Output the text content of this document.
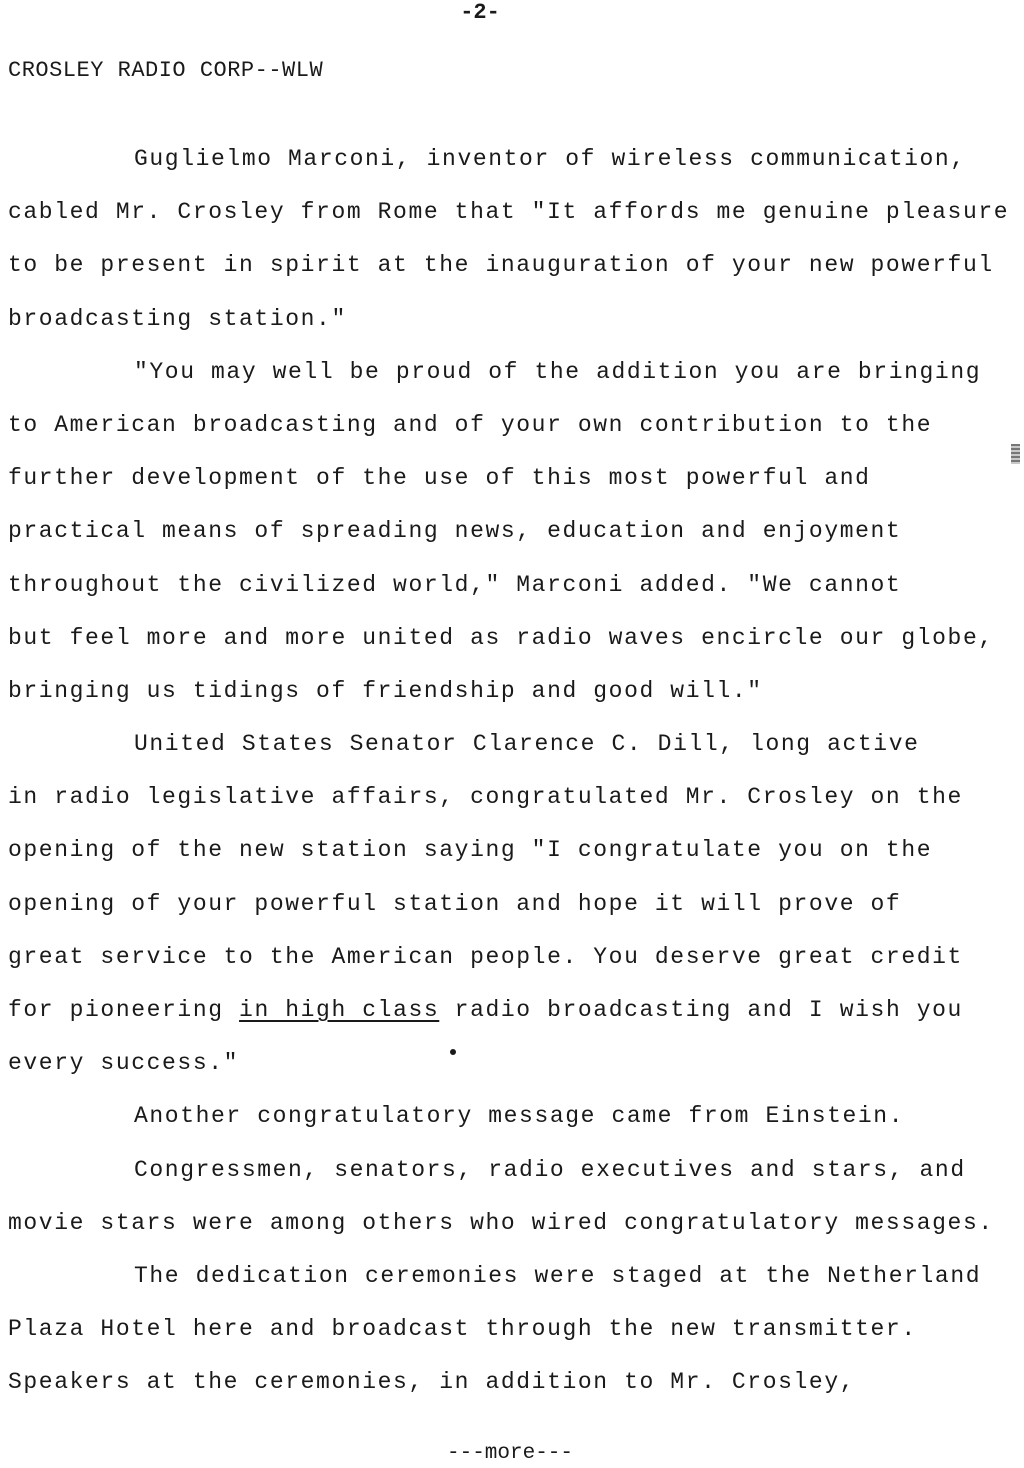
-2-
CROSLEY RADIO CORP--WLW
Guglielmo Marconi, inventor of wireless communication,
cabled Mr. Crosley from Rome that "It affords me genuine pleasure
to be present in spirit at the inauguration of your new powerful
broadcasting station."
"You may well be proud of the addition you are bringing
to American broadcasting and of your own contribution to the
further development of the use of this most powerful and
practical means of spreading news, education and enjoyment
throughout the civilized world," Marconi added. "We cannot
but feel more and more united as radio waves encircle our globe,
bringing us tidings of friendship and good will."
United States Senator Clarence C. Dill, long active
in radio legislative affairs, congratulated Mr. Crosley on the
opening of the new station saying "I congratulate you on the
opening of your powerful station and hope it will prove of
great service to the American people. You deserve great credit
for pioneering in high class radio broadcasting and I wish you
every success."
Another congratulatory message came from Einstein.
Congressmen, senators, radio executives and stars, and
movie stars were among others who wired congratulatory messages.
The dedication ceremonies were staged at the Netherland
Plaza Hotel here and broadcast through the new transmitter.
Speakers at the ceremonies, in addition to Mr. Crosley,
---more---
